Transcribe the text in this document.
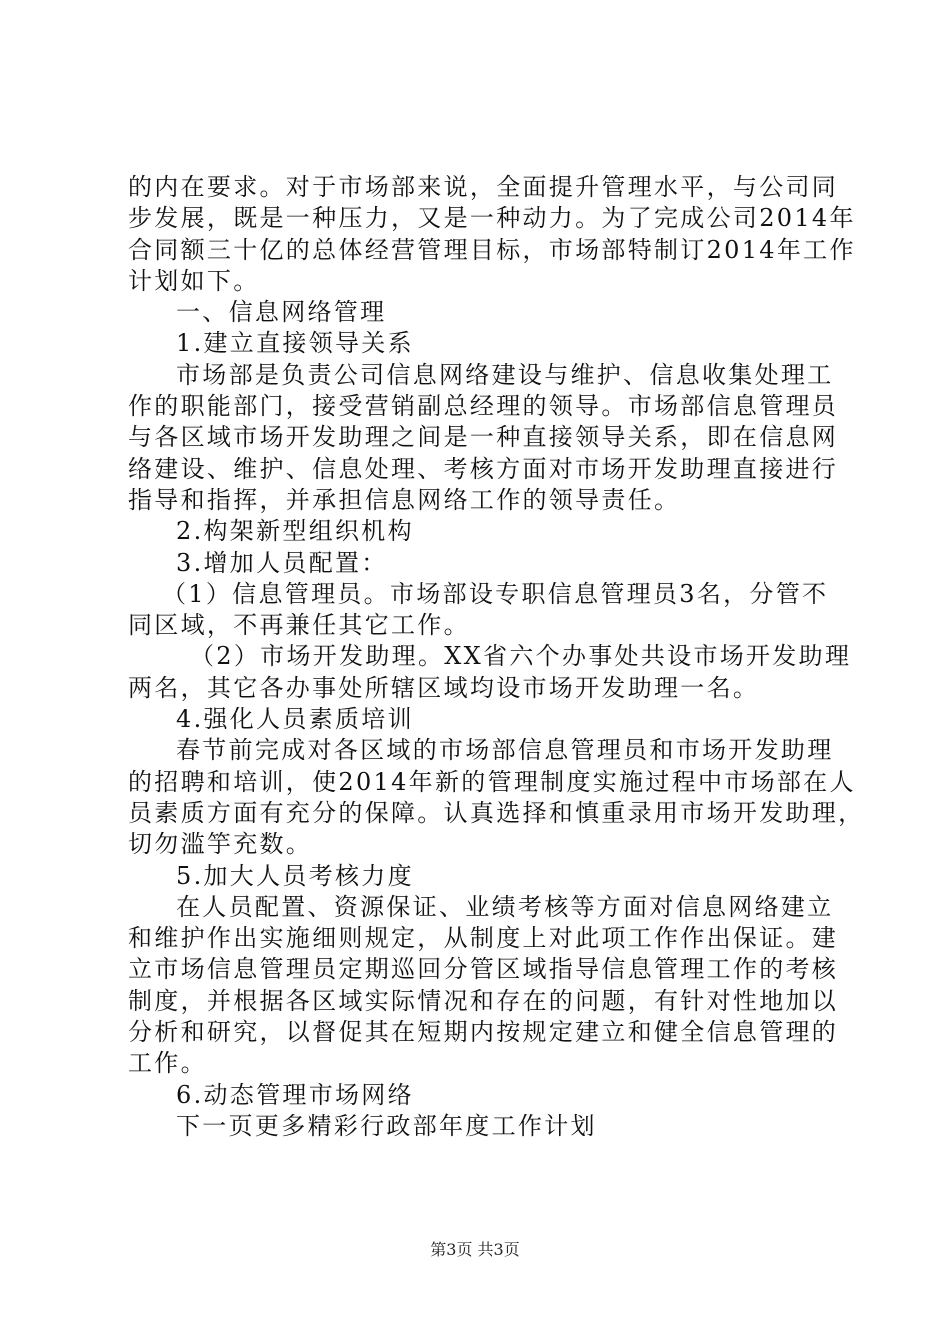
的内在要求。对于市场部来说，全面提升管理水平，与公司同
步发展，既是一种压力，又是一种动力。为了完成公司2014年
合同额三十亿的总体经营管理目标，市场部特制订2014年工作
计划如下。
一、信息网络管理
1.建立直接领导关系
市场部是负责公司信息网络建设与维护、信息收集处理工
作的职能部门，接受营销副总经理的领导。市场部信息管理员
与各区域市场开发助理之间是一种直接领导关系，即在信息网
络建设、维护、信息处理、考核方面对市场开发助理直接进行
指导和指挥，并承担信息网络工作的领导责任。
2.构架新型组织机构
3.增加人员配置：
（1）信息管理员。市场部设专职信息管理员3名，分管不
同区域，不再兼任其它工作。
（2）市场开发助理。XX省六个办事处共设市场开发助理
两名，其它各办事处所辖区域均设市场开发助理一名。
4.强化人员素质培训
春节前完成对各区域的市场部信息管理员和市场开发助理
的招聘和培训，使2014年新的管理制度实施过程中市场部在人
员素质方面有充分的保障。认真选择和慎重录用市场开发助理，
切勿滥竽充数。
5.加大人员考核力度
在人员配置、资源保证、业绩考核等方面对信息网络建立
和维护作出实施细则规定，从制度上对此项工作作出保证。建
立市场信息管理员定期巡回分管区域指导信息管理工作的考核
制度，并根据各区域实际情况和存在的问题，有针对性地加以
分析和研究，以督促其在短期内按规定建立和健全信息管理的
工作。
6.动态管理市场网络
下一页更多精彩行政部年度工作计划
第3页 共3页
